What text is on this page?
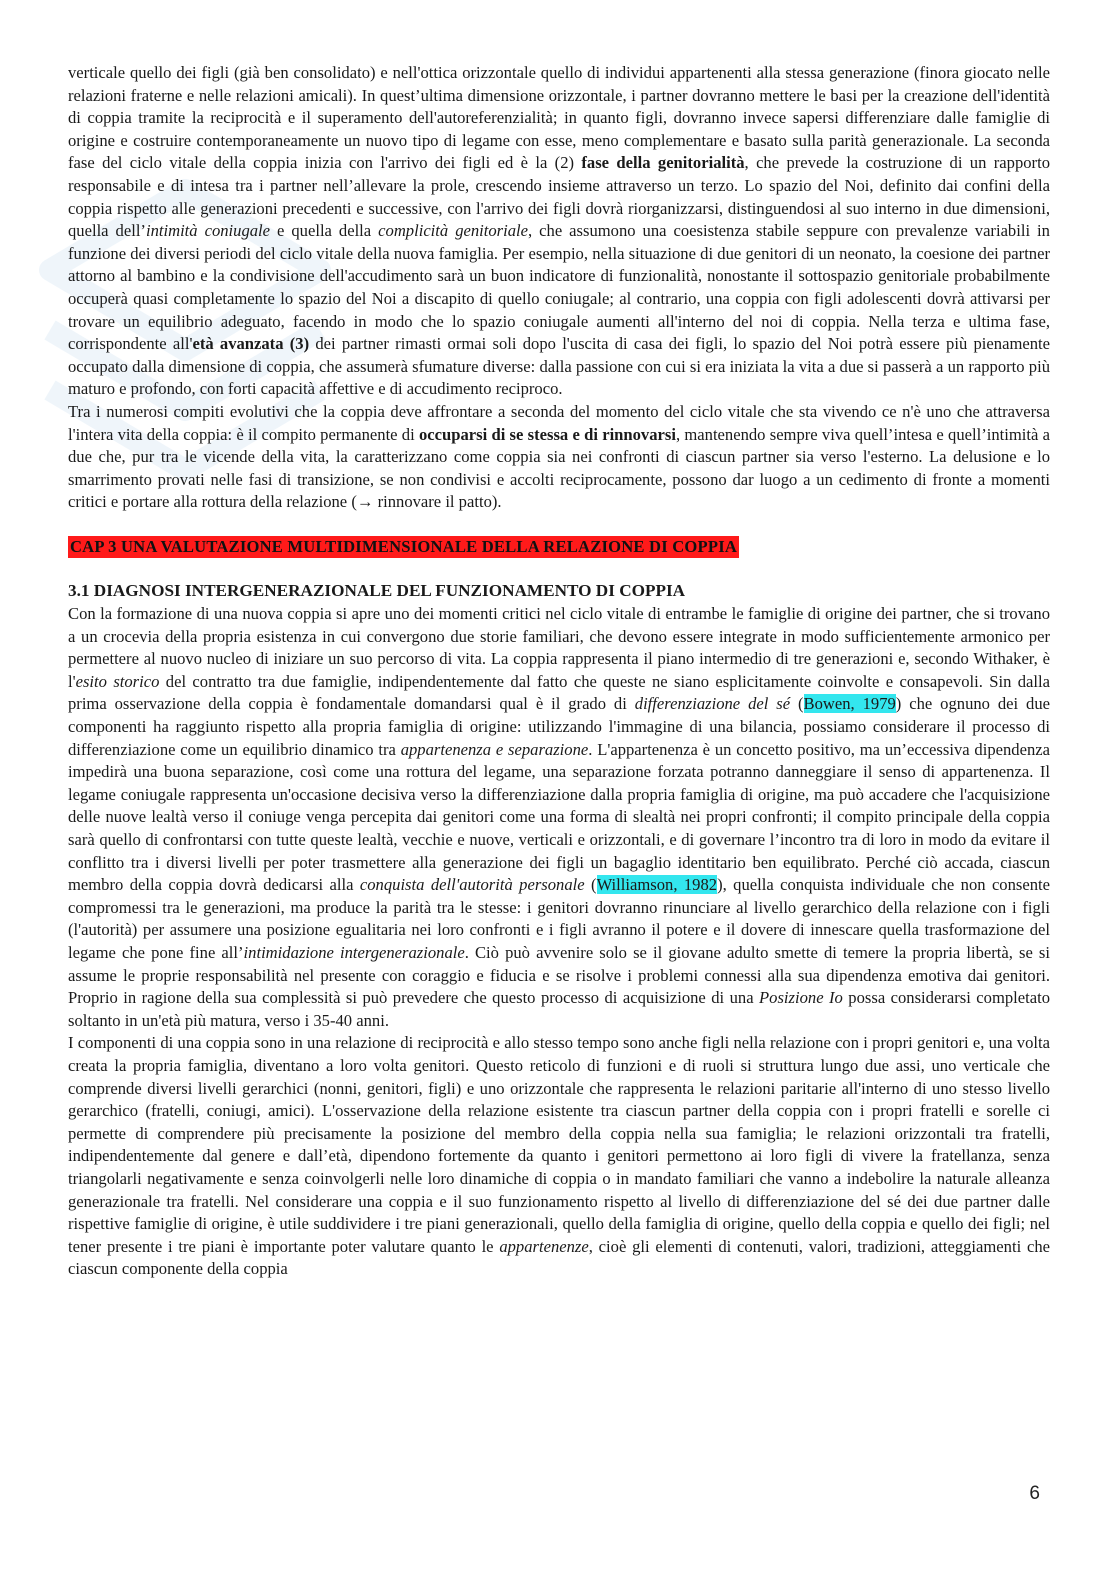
verticale quello dei figli (già ben consolidato) e nell'ottica orizzontale quello di individui appartenenti alla stessa generazione (finora giocato nelle relazioni fraterne e nelle relazioni amicali). In quest’ultima dimensione orizzontale, i partner dovranno mettere le basi per la creazione dell'identità di coppia tramite la reciprocità e il superamento dell'autoreferenzialità; in quanto figli, dovranno invece sapersi differenziare dalle famiglie di origine e costruire contemporaneamente un nuovo tipo di legame con esse, meno complementare e basato sulla parità generazionale. La seconda fase del ciclo vitale della coppia inizia con l'arrivo dei figli ed è la (2) fase della genitorialità, che prevede la costruzione di un rapporto responsabile e di intesa tra i partner nell’allevare la prole, crescendo insieme attraverso un terzo. Lo spazio del Noi, definito dai confini della coppia rispetto alle generazioni precedenti e successive, con l'arrivo dei figli dovrà riorganizzarsi, distinguendosi al suo interno in due dimensioni, quella dell’intimità coniugale e quella della complicità genitoriale, che assumono una coesistenza stabile seppure con prevalenze variabili in funzione dei diversi periodi del ciclo vitale della nuova famiglia. Per esempio, nella situazione di due genitori di un neonato, la coesione dei partner attorno al bambino e la condivisione dell'accudimento sarà un buon indicatore di funzionalità, nonostante il sottospazio genitoriale probabilmente occuperà quasi completamente lo spazio del Noi a discapito di quello coniugale; al contrario, una coppia con figli adolescenti dovrà attivarsi per trovare un equilibrio adeguato, facendo in modo che lo spazio coniugale aumenti all'interno del noi di coppia. Nella terza e ultima fase, corrispondente all'età avanzata (3) dei partner rimasti ormai soli dopo l'uscita di casa dei figli, lo spazio del Noi potrà essere più pienamente occupato dalla dimensione di coppia, che assumerà sfumature diverse: dalla passione con cui si era iniziata la vita a due si passerà a un rapporto più maturo e profondo, con forti capacità affettive e di accudimento reciproco.

Tra i numerosi compiti evolutivi che la coppia deve affrontare a seconda del momento del ciclo vitale che sta vivendo ce n'è uno che attraversa l'intera vita della coppia: è il compito permanente di occuparsi di se stessa e di rinnovarsi, mantenendo sempre viva quell’intesa e quell’intimità a due che, pur tra le vicende della vita, la caratterizzano come coppia sia nei confronti di ciascun partner sia verso l'esterno. La delusione e lo smarrimento provati nelle fasi di transizione, se non condivisi e accolti reciprocamente, possono dar luogo a un cedimento di fronte a momenti critici e portare alla rottura della relazione (→ rinnovare il patto).

CAP 3 UNA VALUTAZIONE MULTIDIMENSIONALE DELLA RELAZIONE DI COPPIA

3.1 DIAGNOSI INTERGENERAZIONALE DEL FUNZIONAMENTO DI COPPIA

Con la formazione di una nuova coppia si apre uno dei momenti critici nel ciclo vitale di entrambe le famiglie di origine dei partner, che si trovano a un crocevia della propria esistenza in cui convergono due storie familiari, che devono essere integrate in modo sufficientemente armonico per permettere al nuovo nucleo di iniziare un suo percorso di vita. La coppia rappresenta il piano intermedio di tre generazioni e, secondo Withaker, è l'esito storico del contratto tra due famiglie, indipendentemente dal fatto che queste ne siano esplicitamente coinvolte e consapevoli. Sin dalla prima osservazione della coppia è fondamentale domandarsi qual è il grado di differenziazione del sé (Bowen, 1979) che ognuno dei due componenti ha raggiunto rispetto alla propria famiglia di origine: utilizzando l'immagine di una bilancia, possiamo considerare il processo di differenziazione come un equilibrio dinamico tra appartenenza e separazione. L'appartenenza è un concetto positivo, ma un’eccessiva dipendenza impedirà una buona separazione, così come una rottura del legame, una separazione forzata potranno danneggiare il senso di appartenenza. Il legame coniugale rappresenta un'occasione decisiva verso la differenziazione dalla propria famiglia di origine, ma può accadere che l'acquisizione delle nuove lealtà verso il coniuge venga percepita dai genitori come una forma di slealtà nei propri confronti; il compito principale della coppia sarà quello di confrontarsi con tutte queste lealtà, vecchie e nuove, verticali e orizzontali, e di governare l’incontro tra di loro in modo da evitare il conflitto tra i diversi livelli per poter trasmettere alla generazione dei figli un bagaglio identitario ben equilibrato. Perché ciò accada, ciascun membro della coppia dovrà dedicarsi alla conquista dell'autorità personale (Williamson, 1982), quella conquista individuale che non consente compromessi tra le generazioni, ma produce la parità tra le stesse: i genitori dovranno rinunciare al livello gerarchico della relazione con i figli (l'autorità) per assumere una posizione egualitaria nei loro confronti e i figli avranno il potere e il dovere di innescare quella trasformazione del legame che pone fine all’intimidazione intergenerazionale. Ciò può avvenire solo se il giovane adulto smette di temere la propria libertà, se si assume le proprie responsabilità nel presente con coraggio e fiducia e se risolve i problemi connessi alla sua dipendenza emotiva dai genitori. Proprio in ragione della sua complessità si può prevedere che questo processo di acquisizione di una Posizione Io possa considerarsi completato soltanto in un'età più matura, verso i 35-40 anni.

I componenti di una coppia sono in una relazione di reciprocità e allo stesso tempo sono anche figli nella relazione con i propri genitori e, una volta creata la propria famiglia, diventano a loro volta genitori. Questo reticolo di funzioni e di ruoli si struttura lungo due assi, uno verticale che comprende diversi livelli gerarchici (nonni, genitori, figli) e uno orizzontale che rappresenta le relazioni paritarie all'interno di uno stesso livello gerarchico (fratelli, coniugi, amici). L'osservazione della relazione esistente tra ciascun partner della coppia con i propri fratelli e sorelle ci permette di comprendere più precisamente la posizione del membro della coppia nella sua famiglia; le relazioni orizzontali tra fratelli, indipendentemente dal genere e dall’età, dipendono fortemente da quanto i genitori permettono ai loro figli di vivere la fratellanza, senza triangolarli negativamente e senza coinvolgerli nelle loro dinamiche di coppia o in mandato familiari che vanno a indebolire la naturale alleanza generazionale tra fratelli. Nel considerare una coppia e il suo funzionamento rispetto al livello di differenziazione del sé dei due partner dalle rispettive famiglie di origine, è utile suddividere i tre piani generazionali, quello della famiglia di origine, quello della coppia e quello dei figli; nel tener presente i tre piani è importante poter valutare quanto le appartenenze, cioè gli elementi di contenuti, valori, tradizioni, atteggiamenti che ciascun componente della coppia

6
